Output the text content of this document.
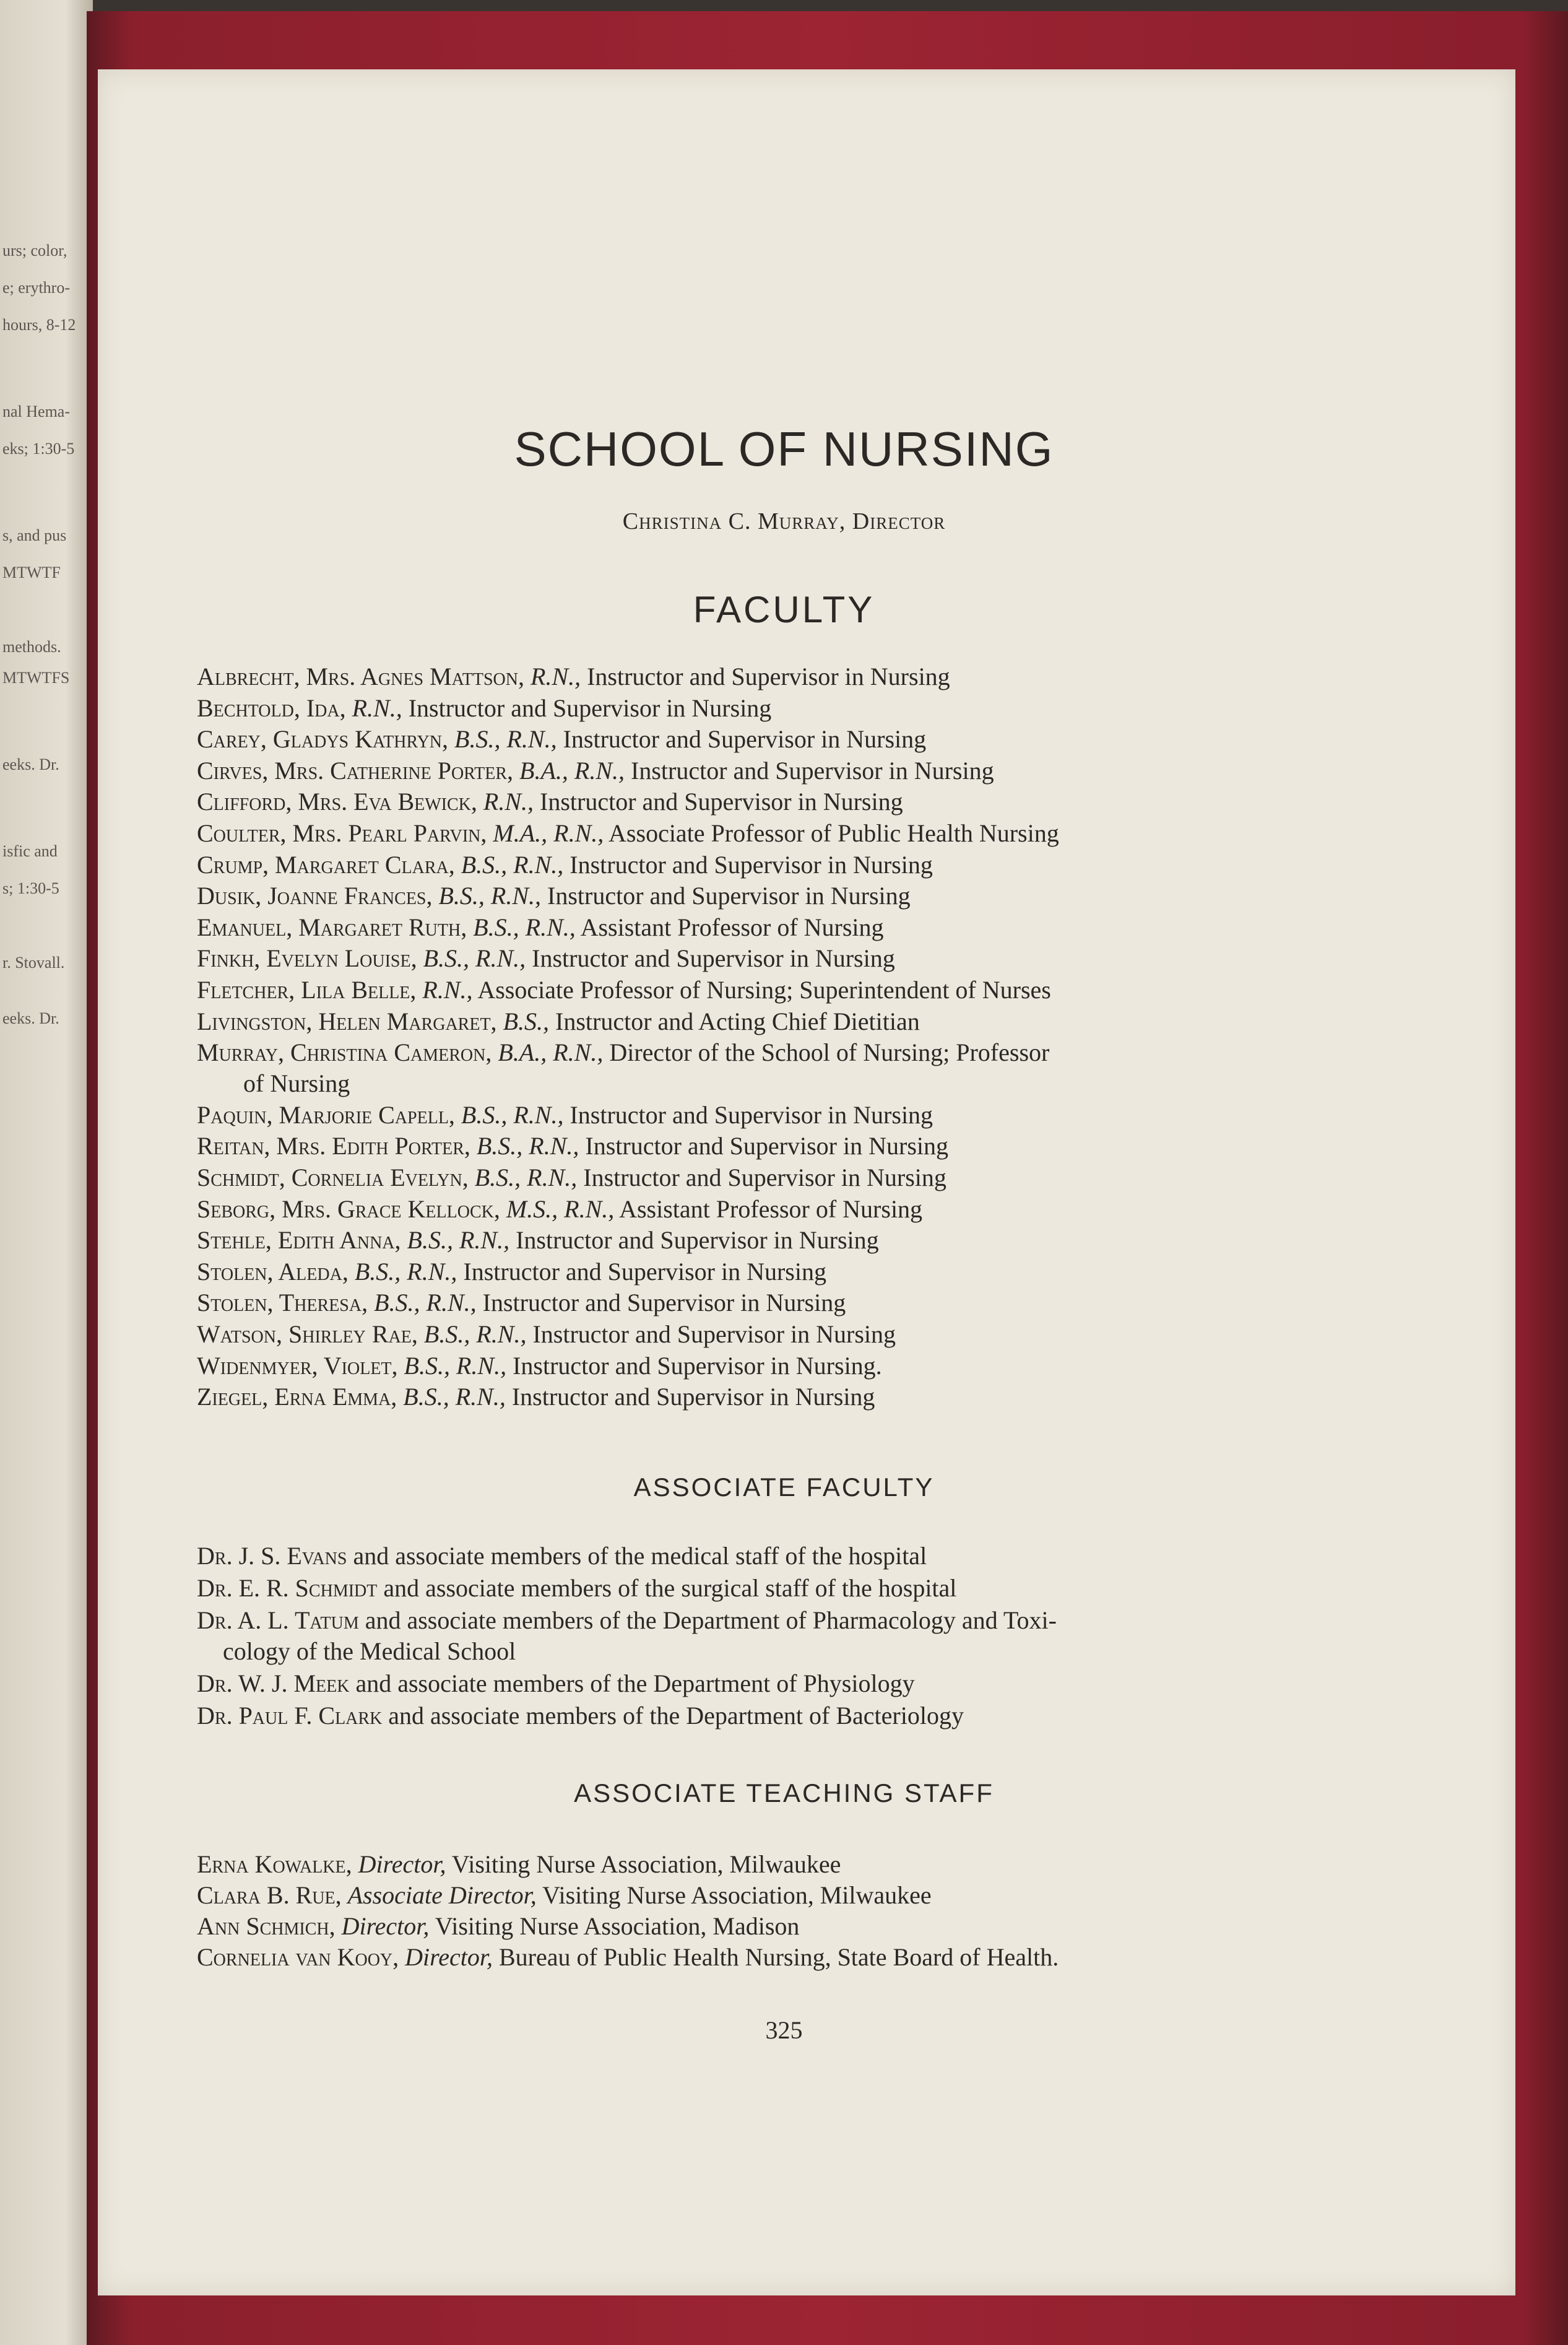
urs; color,
e; erythro-
hours, 8-12
nal Hema-
eks; 1:30-5
s, and pus
MTWTF
methods.
MTWTFS
eeks. Dr.
isfic and
s; 1:30-5
r. Stovall.
eeks. Dr.
SCHOOL OF NURSING
Christina C. Murray, Director
FACULTY
Albrecht, Mrs. Agnes Mattson, R.N., Instructor and Supervisor in Nursing
Bechtold, Ida, R.N., Instructor and Supervisor in Nursing
Carey, Gladys Kathryn, B.S., R.N., Instructor and Supervisor in Nursing
Cirves, Mrs. Catherine Porter, B.A., R.N., Instructor and Supervisor in Nursing
Clifford, Mrs. Eva Bewick, R.N., Instructor and Supervisor in Nursing
Coulter, Mrs. Pearl Parvin, M.A., R.N., Associate Professor of Public Health Nursing
Crump, Margaret Clara, B.S., R.N., Instructor and Supervisor in Nursing
Dusik, Joanne Frances, B.S., R.N., Instructor and Supervisor in Nursing
Emanuel, Margaret Ruth, B.S., R.N., Assistant Professor of Nursing
Finkh, Evelyn Louise, B.S., R.N., Instructor and Supervisor in Nursing
Fletcher, Lila Belle, R.N., Associate Professor of Nursing; Superintendent of Nurses
Livingston, Helen Margaret, B.S., Instructor and Acting Chief Dietitian
Murray, Christina Cameron, B.A., R.N., Director of the School of Nursing; Professor
of Nursing
Paquin, Marjorie Capell, B.S., R.N., Instructor and Supervisor in Nursing
Reitan, Mrs. Edith Porter, B.S., R.N., Instructor and Supervisor in Nursing
Schmidt, Cornelia Evelyn, B.S., R.N., Instructor and Supervisor in Nursing
Seborg, Mrs. Grace Kellock, M.S., R.N., Assistant Professor of Nursing
Stehle, Edith Anna, B.S., R.N., Instructor and Supervisor in Nursing
Stolen, Aleda, B.S., R.N., Instructor and Supervisor in Nursing
Stolen, Theresa, B.S., R.N., Instructor and Supervisor in Nursing
Watson, Shirley Rae, B.S., R.N., Instructor and Supervisor in Nursing
Widenmyer, Violet, B.S., R.N., Instructor and Supervisor in Nursing.
Ziegel, Erna Emma, B.S., R.N., Instructor and Supervisor in Nursing
ASSOCIATE FACULTY
Dr. J. S. Evans and associate members of the medical staff of the hospital
Dr. E. R. Schmidt and associate members of the surgical staff of the hospital
Dr. A. L. Tatum and associate members of the Department of Pharmacology and Toxi-
cology of the Medical School
Dr. W. J. Meek and associate members of the Department of Physiology
Dr. Paul F. Clark and associate members of the Department of Bacteriology
ASSOCIATE TEACHING STAFF
Erna Kowalke, Director, Visiting Nurse Association, Milwaukee
Clara B. Rue, Associate Director, Visiting Nurse Association, Milwaukee
Ann Schmich, Director, Visiting Nurse Association, Madison
Cornelia van Kooy, Director, Bureau of Public Health Nursing, State Board of Health.
325
